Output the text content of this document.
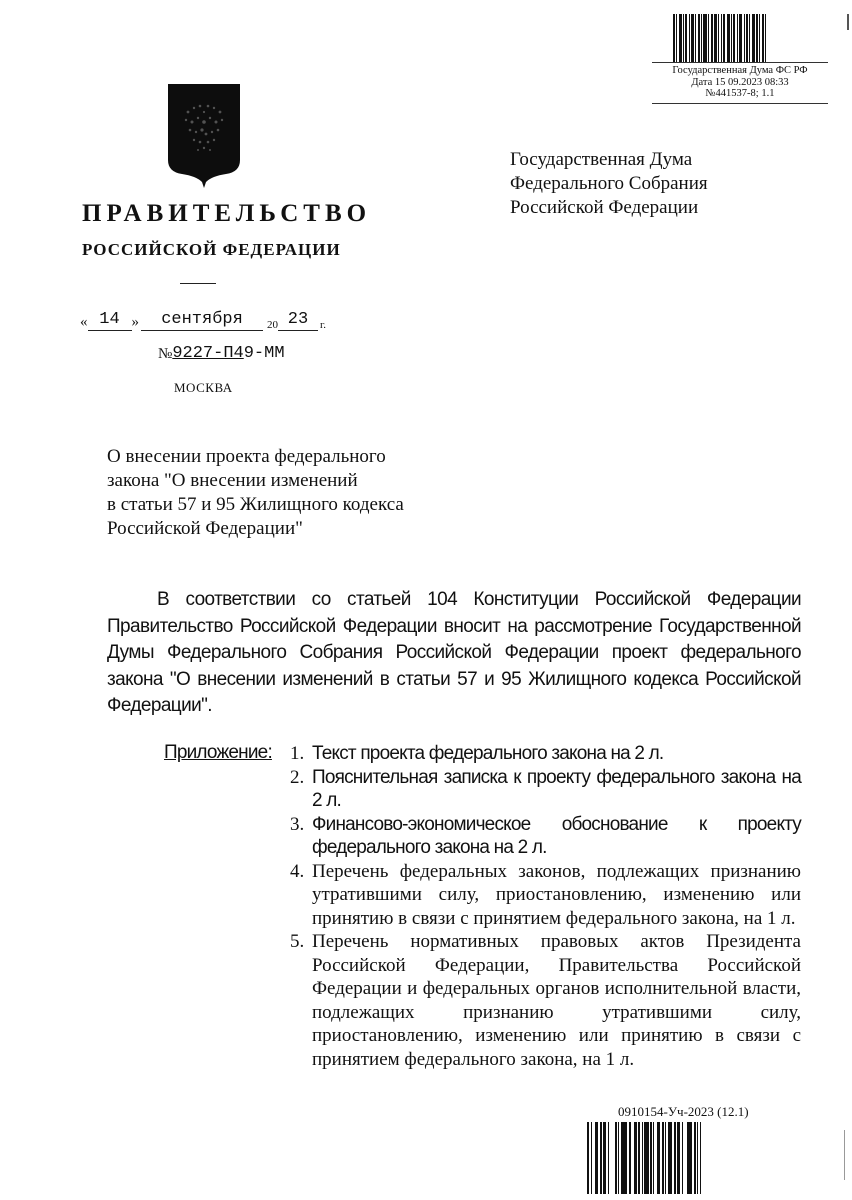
Государственная Дума ФС РФ
Дата 15 09.2023 08:33
№441537-8; 1.1
ПРАВИТЕЛЬСТВО
РОССИЙСКОЙ ФЕДЕРАЦИИ
« 14 »	сентября	20 23	г.
№ 9227-П4 9-ММ
МОСКВА
Государственная Дума
Федерального Собрания
Российской Федерации
О внесении проекта федерального
закона "О внесении изменений
в статьи 57 и 95 Жилищного кодекса
Российской Федерации"
В соответствии со статьей 104 Конституции Российской Федерации Правительство Российской Федерации вносит на рассмотрение Государственной Думы Федерального Собрания Российской Федерации проект федерального закона "О внесении изменений в статьи 57 и 95 Жилищного кодекса Российской Федерации".
Приложение: 1. Текст проекта федерального закона на 2 л.
2. Пояснительная записка к проекту федерального закона на 2 л.
3. Финансово-экономическое обоснование к проекту федерального закона на 2 л.
4. Перечень федеральных законов, подлежащих признанию утратившими силу, приостановлению, изменению или принятию в связи с принятием федерального закона, на 1 л.
5. Перечень нормативных правовых актов Президента Российской Федерации, Правительства Российской Федерации и федеральных органов исполнительной власти, подлежащих признанию утратившими силу, приостановлению, изменению или принятию в связи с принятием федерального закона, на 1 л.
0910154-Уч-2023 (12.1)
